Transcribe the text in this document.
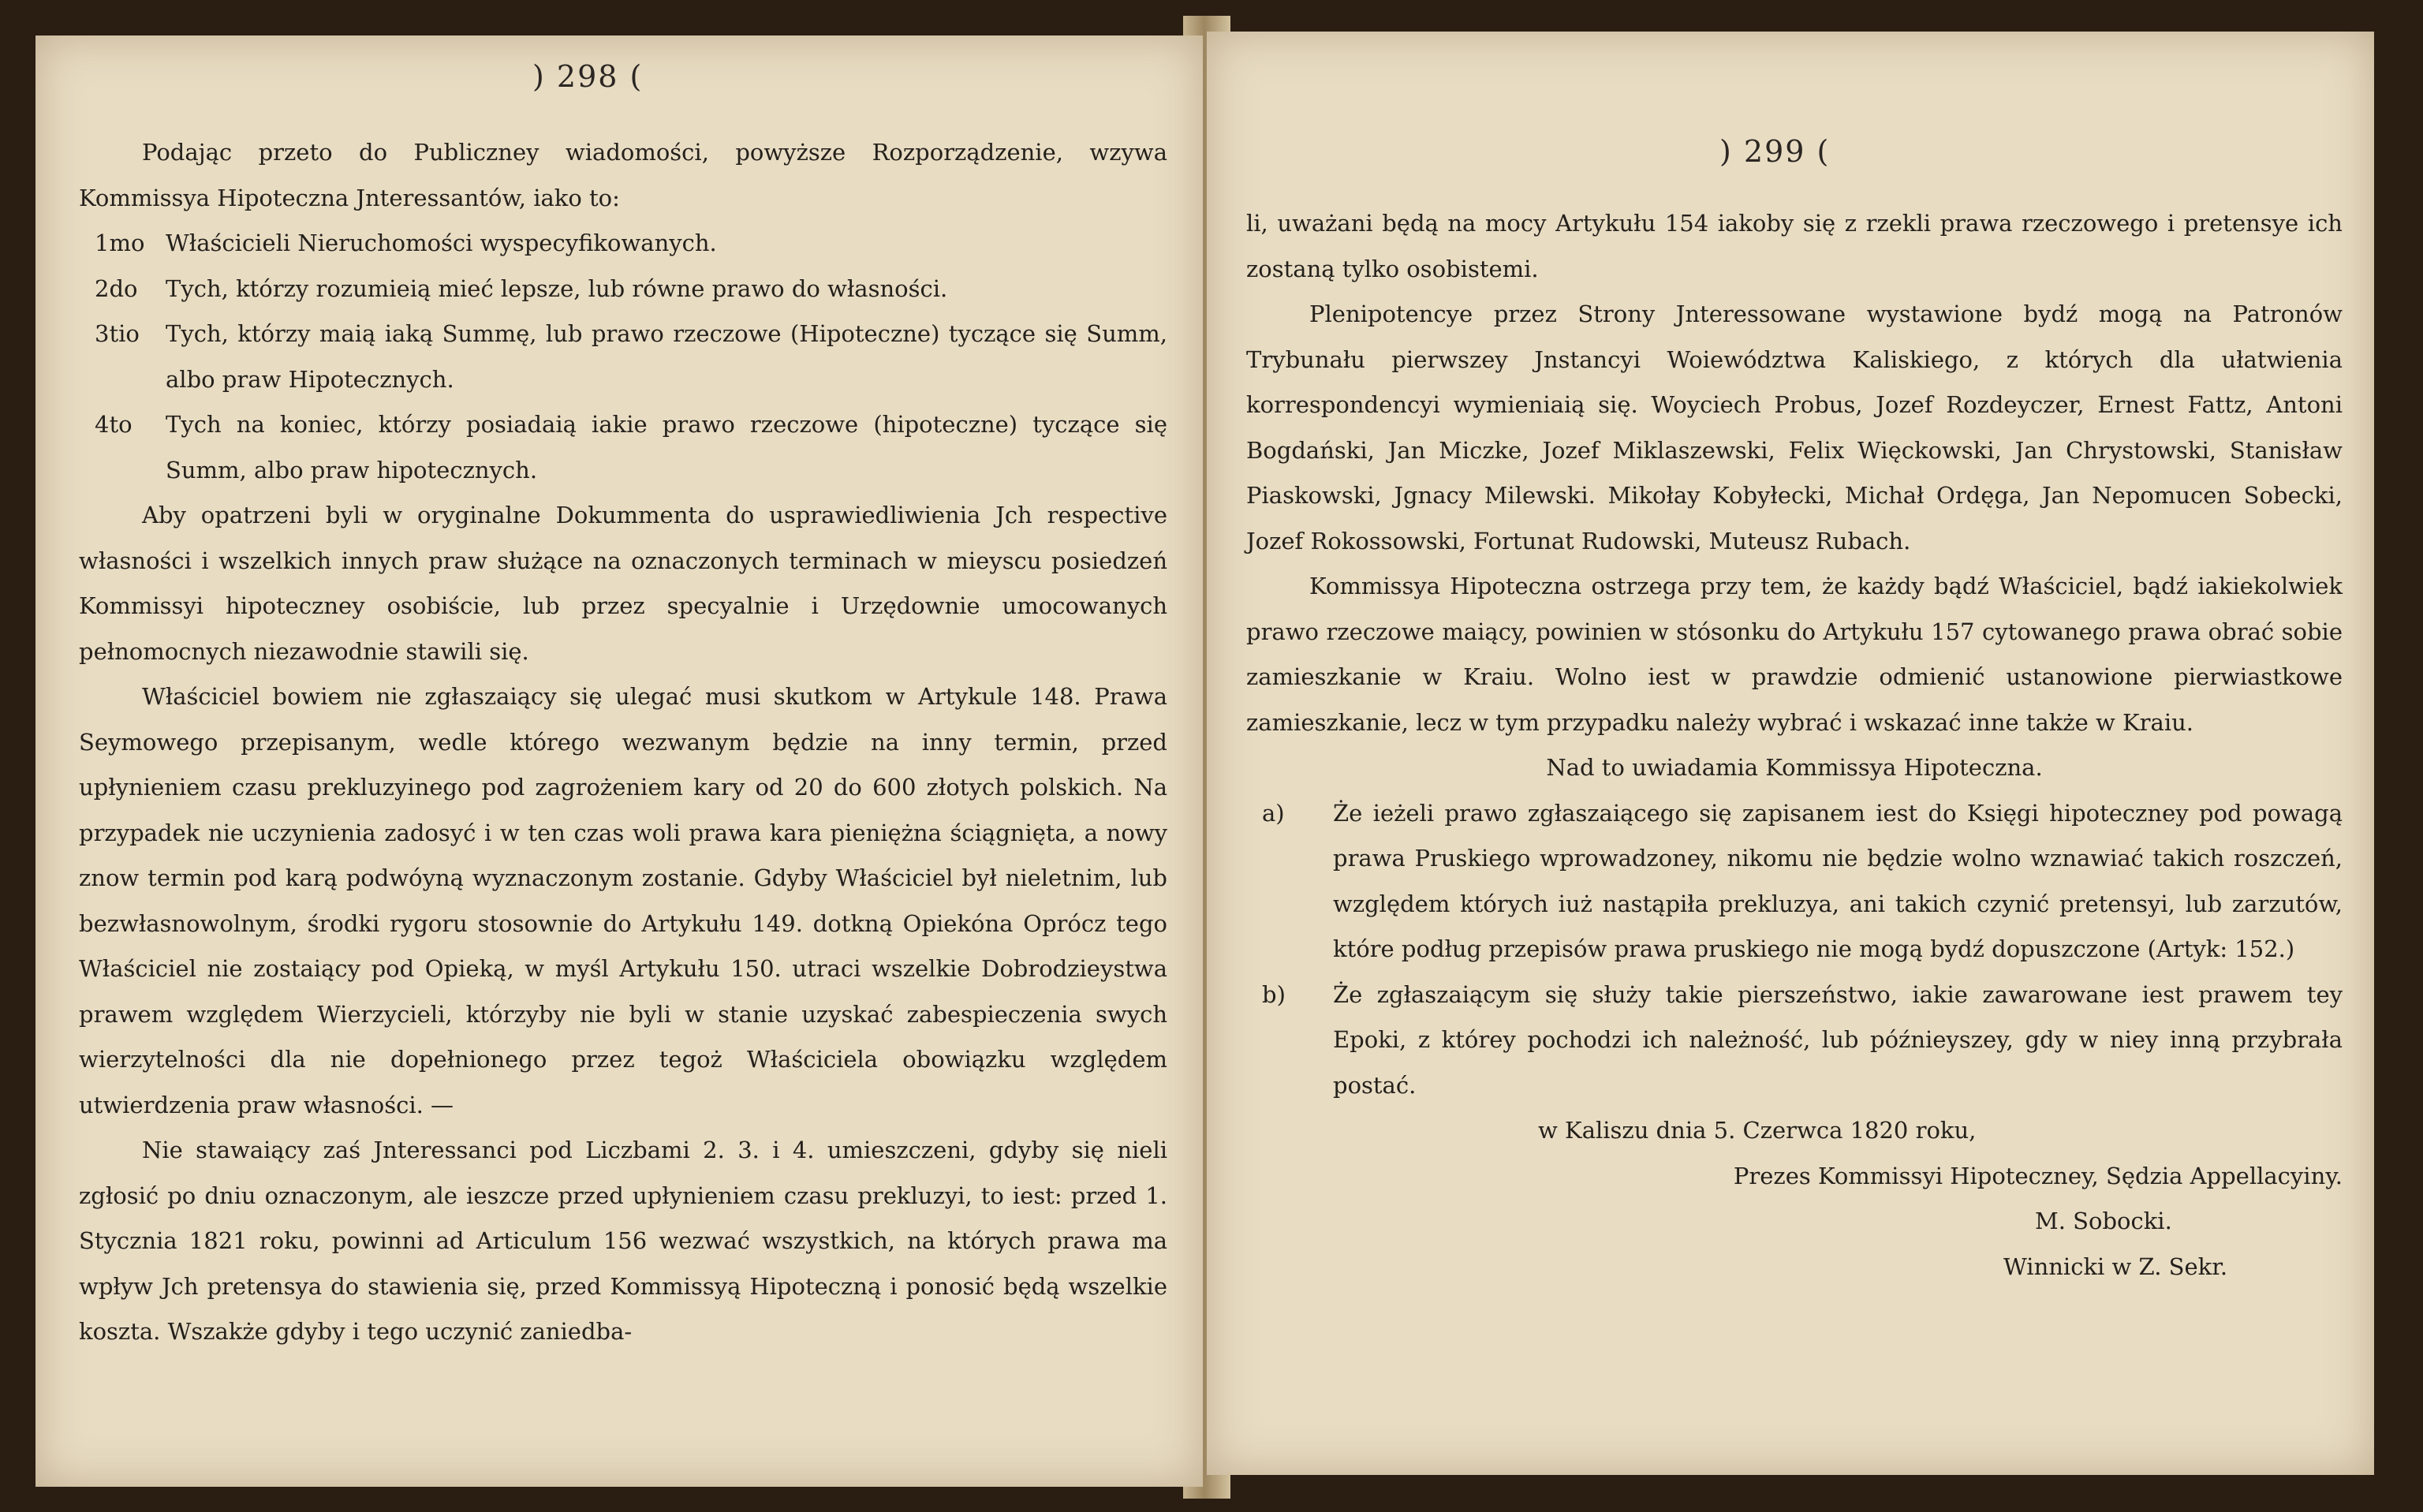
) 298 (

Podając przeto do Publiczney wiadomości, powyższe Rozporządzenie, wzywa Kommissya Hipoteczna Jnteressantów, iako to:

1mo Właścicieli Nieruchomości wyspecyfikowanych.

2do Tych, którzy rozumieią mieć lepsze, lub równe prawo do własności.

3tio Tych, którzy maią iaką Summę, lub prawo rzeczowe (Hipoteczne) tyczące się Summ, albo praw Hipotecznych.

4to Tych na koniec, którzy posiadaią iakie prawo rzeczowe (hipoteczne) tyczące się Summ, albo praw hipotecznych.

Aby opatrzeni byli w oryginalne Dokummenta do usprawiedliwienia Jch respective własności i wszelkich innych praw służące na oznaczonych terminach w mieyscu posiedzeń Kommissyi hipoteczney osobiście, lub przez specyalnie i Urzędownie umocowanych pełnomocnych niezawodnie stawili się.

Właściciel bowiem nie zgłaszaiący się ulegać musi skutkom w Artykule 148. Prawa Seymowego przepisanym, wedle którego wezwanym będzie na inny termin, przed upłynieniem czasu prekluzyinego pod zagrożeniem kary od 20 do 600 złotych polskich. Na przypadek nie uczynienia zadosyć i w ten czas woli prawa kara pieniężna ściągnięta, a nowy znow termin pod karą podwóyną wyznaczonym zostanie. Gdyby Właściciel był nieletnim, lub bezwłasnowolnym, środki rygoru stosownie do Artykułu 149. dotkną Opiekóna Oprócz tego Właściciel nie zostaiący pod Opieką, w myśl Artykułu 150. utraci wszelkie Dobrodzieystwa prawem względem Wierzycieli, którzyby nie byli w stanie uzyskać zabespieczenia swych wierzytelności dla nie dopełnionego przez tegoż Właściciela obowiązku względem utwierdzenia praw własności. —

Nie stawaiący zaś Jnteressanci pod Liczbami 2. 3. i 4. umieszczeni, gdyby się nieli zgłosić po dniu oznaczonym, ale ieszcze przed upłynieniem czasu prekluzyi, to iest: przed 1. Stycznia 1821 roku, powinni ad Articulum 156 wezwać wszystkich, na których prawa ma wpływ Jch pretensya do stawienia się, przed Kommissyą Hipoteczną i ponosić będą wszelkie koszta. Wszakże gdyby i tego uczynić zaniedba-

) 299 (

li, uważani będą na mocy Artykułu 154 iakoby się z rzekli prawa rzeczowego i pretensye ich zostaną tylko osobistemi.

Plenipotencye przez Strony Jnteressowane wystawione bydź mogą na Patronów Trybunału pierwszey Jnstancyi Woiewództwa Kaliskiego, z których dla ułatwienia korrespondencyi wymieniaią się. Woyciech Probus, Jozef Rozdeyczer, Ernest Fattz, Antoni Bogdański, Jan Miczke, Jozef Miklaszewski, Felix Więckowski, Jan Chrystowski, Stanisław Piaskowski, Jgnacy Milewski. Mikołay Kobyłecki, Michał Ordęga, Jan Nepomucen Sobecki, Jozef Rokossowski, Fortunat Rudowski, Muteusz Rubach.

Kommissya Hipoteczna ostrzega przy tem, że każdy bądź Właściciel, bądź iakiekolwiek prawo rzeczowe maiący, powinien w stósonku do Artykułu 157 cytowanego prawa obrać sobie zamieszkanie w Kraiu. Wolno iest w prawdzie odmienić ustanowione pierwiastkowe zamieszkanie, lecz w tym przypadku należy wybrać i wskazać inne także w Kraiu.

Nad to uwiadamia Kommissya Hipoteczna.

a) Że ieżeli prawo zgłaszaiącego się zapisanem iest do Księgi hipoteczney pod powagą prawa Pruskiego wprowadzoney, nikomu nie będzie wolno wznawiać takich roszczeń, względem których iuż nastąpiła prekluzya, ani takich czynić pretensyi, lub zarzutów, które podług przepisów prawa pruskiego nie mogą bydź dopuszczone (Artyk: 152.)

b) Że zgłaszaiącym się służy takie pierszeństwo, iakie zawarowane iest prawem tey Epoki, z którey pochodzi ich należność, lub późnieyszey, gdy w niey inną przybrała postać.

w Kaliszu dnia 5. Czerwca 1820 roku,

Prezes Kommissyi Hipoteczney, Sędzia Appellacyiny.

M. Sobocki.

Winnicki w Z. Sekr.
